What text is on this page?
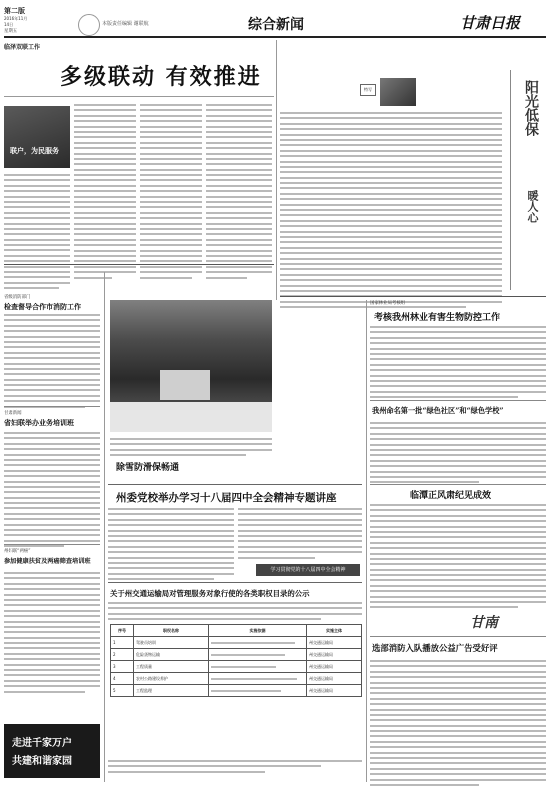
第二版
2016年11月14日
星期五
本版责任编辑 谢联航	综合新闻	甘肃日报
临泽双联工作
多级联动 有效推进
联户，为民服务
特写	阳光低保
暖人心
除雪防滑保畅通
省级消防部门
检查督导合作市消防工作
甘肃新闻
省妇联举办业务培训班
州妇联“两癌”
参加健康扶贫及两癌筛查培训班
走进千家万户
共建和谐家园
国家林业局考核组
考核我州林业有害生物防控工作
我州命名第一批“绿色社区”和“绿色学校”
临潭正风肃纪见成效
甘南
选部消防入队播放公益广告受好评
州委党校举办学习十八届四中全会精神专题讲座
学习贯彻党的十八届四中全会精神
关于州交通运输局对管理服务对象行使的各类职权目录的公示
序号	职权名称	实施依据	实施主体
1	驾驶员培训		州交通运输局
2	危险货物运输		州交通运输局
3	工程质量		州交通运输局
4	农村公路建设养护		州交通运输局
5	工程监理		州交通运输局
